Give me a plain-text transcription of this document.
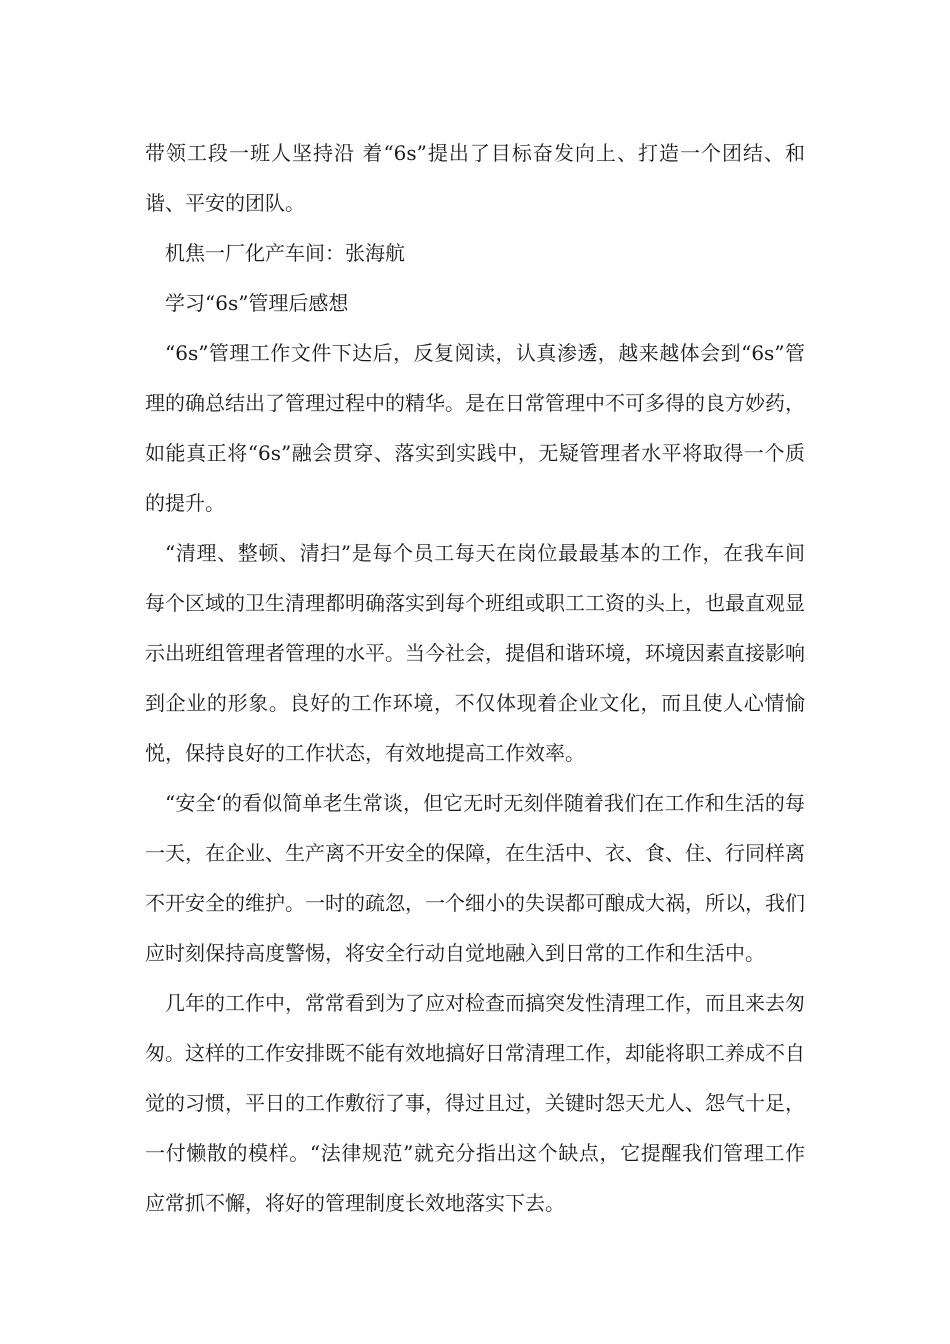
带领工段一班人坚持沿 着“6s”提出了目标奋发向上、打造一个团结、和谐、平安的团队。

机焦一厂化产车间：张海航

学习“6s”管理后感想

“6s”管理工作文件下达后，反复阅读，认真渗透，越来越体会到“6s”管理的确总结出了管理过程中的精华。是在日常管理中不可多得的良方妙药，如能真正将“6s”融会贯穿、落实到实践中，无疑管理者水平将取得一个质的提升。

“清理、整顿、清扫”是每个员工每天在岗位最最基本的工作，在我车间每个区域的卫生清理都明确落实到每个班组或职工工资的头上，也最直观显示出班组管理者管理的水平。当今社会，提倡和谐环境，环境因素直接影响到企业的形象。良好的工作环境，不仅体现着企业文化，而且使人心情愉悦，保持良好的工作状态，有效地提高工作效率。

“安全‘的看似简单老生常谈，但它无时无刻伴随着我们在工作和生活的每一天，在企业、生产离不开安全的保障，在生活中、衣、食、住、行同样离不开安全的维护。一时的疏忽，一个细小的失误都可酿成大祸，所以，我们应时刻保持高度警惕，将安全行动自觉地融入到日常的工作和生活中。

几年的工作中，常常看到为了应对检查而搞突发性清理工作，而且来去匆匆。这样的工作安排既不能有效地搞好日常清理工作，却能将职工养成不自觉的习惯，平日的工作敷衍了事，得过且过，关键时怨天尤人、怨气十足，一付懒散的模样。“法律规范”就充分指出这个缺点，它提醒我们管理工作应常抓不懈，将好的管理制度长效地落实下去。
